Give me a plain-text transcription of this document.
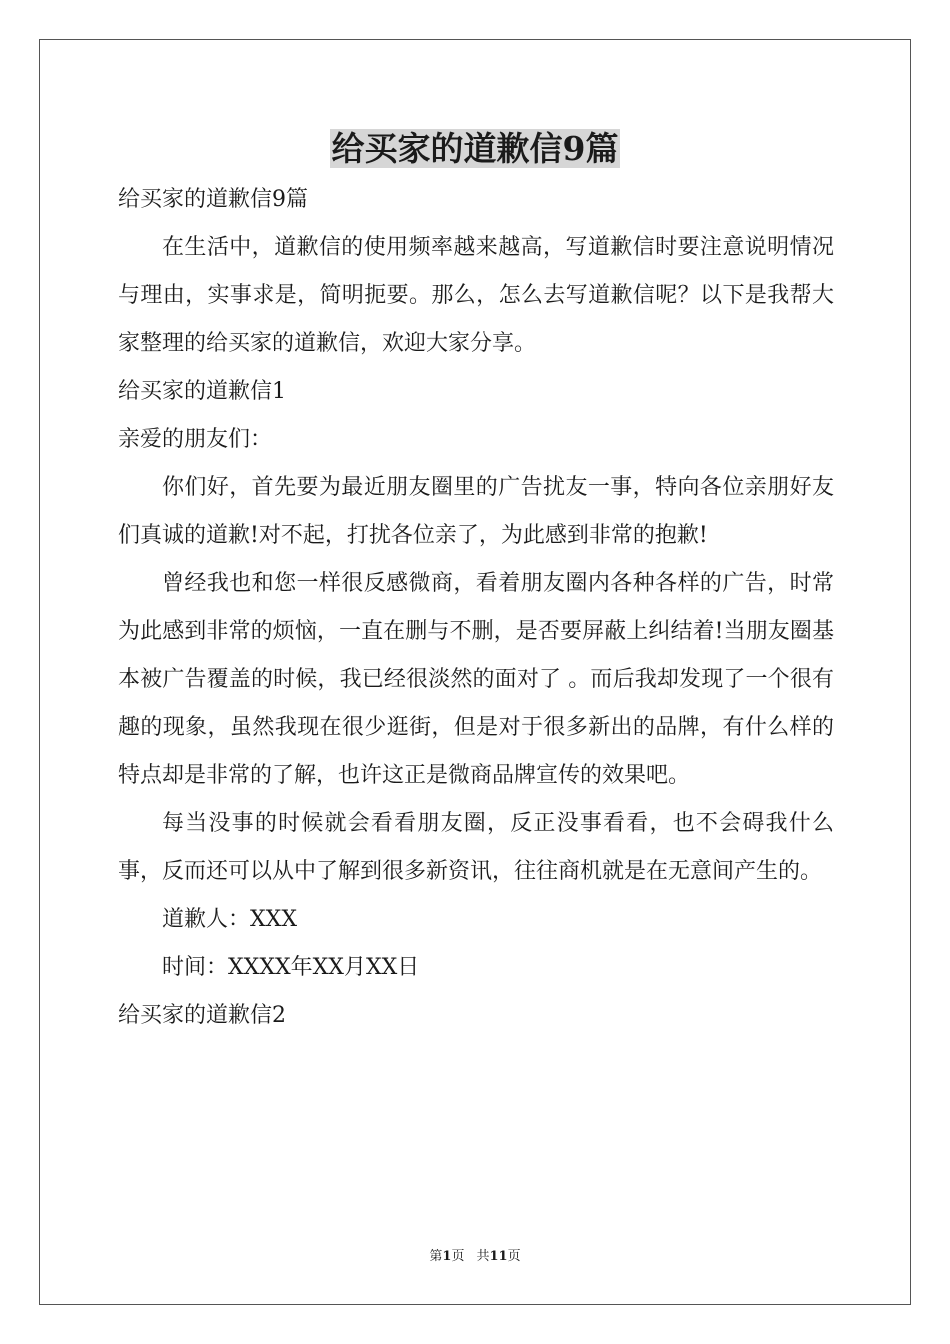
给买家的道歉信9篇

给买家的道歉信9篇

在生活中，道歉信的使用频率越来越高，写道歉信时要注意说明情况与理由，实事求是，简明扼要。那么，怎么去写道歉信呢？以下是我帮大家整理的给买家的道歉信，欢迎大家分享。

给买家的道歉信1

亲爱的朋友们：

你们好，首先要为最近朋友圈里的广告扰友一事，特向各位亲朋好友们真诚的道歉!对不起，打扰各位亲了，为此感到非常的抱歉!

曾经我也和您一样很反感微商，看着朋友圈内各种各样的广告，时常为此感到非常的烦恼，一直在删与不删，是否要屏蔽上纠结着!当朋友圈基本被广告覆盖的时候，我已经很淡然的面对了 。而后我却发现了一个很有趣的现象，虽然我现在很少逛街，但是对于很多新出的品牌，有什么样的特点却是非常的了解，也许这正是微商品牌宣传的效果吧。

每当没事的时候就会看看朋友圈，反正没事看看，也不会碍我什么事，反而还可以从中了解到很多新资讯，往往商机就是在无意间产生的。

道歉人：XXX

时间：XXXX年XX月XX日

给买家的道歉信2

第1页 共11页
